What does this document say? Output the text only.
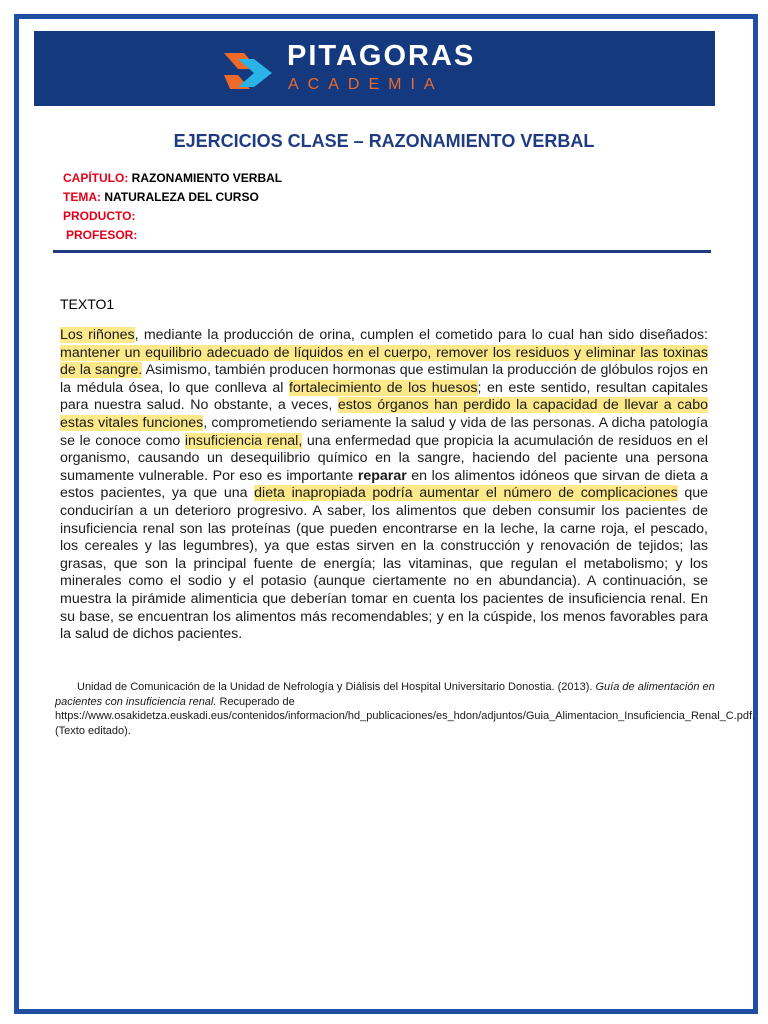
PITAGORAS
ACADEMIA
EJERCICIOS CLASE – RAZONAMIENTO VERBAL
CAPÍTULO: RAZONAMIENTO VERBAL
TEMA: NATURALEZA DEL CURSO
PRODUCTO:
PROFESOR:
TEXTO1

Los riñones, mediante la producción de orina, cumplen el cometido para lo cual han sido diseñados: mantener un equilibrio adecuado de líquidos en el cuerpo, remover los residuos y eliminar las toxinas de la sangre. Asimismo, también producen hormonas que estimulan la producción de glóbulos rojos en la médula ósea, lo que conlleva al fortalecimiento de los huesos; en este sentido, resultan capitales para nuestra salud. No obstante, a veces, estos órganos han perdido la capacidad de llevar a cabo estas vitales funciones, comprometiendo seriamente la salud y vida de las personas. A dicha patología se le conoce como insuficiencia renal, una enfermedad que propicia la acumulación de residuos en el organismo, causando un desequilibrio químico en la sangre, haciendo del paciente una persona sumamente vulnerable. Por eso es importante reparar en los alimentos idóneos que sirvan de dieta a estos pacientes, ya que una dieta inapropiada podría aumentar el número de complicaciones que conducirían a un deterioro progresivo. A saber, los alimentos que deben consumir los pacientes de insuficiencia renal son las proteínas (que pueden encontrarse en la leche, la carne roja, el pescado, los cereales y las legumbres), ya que estas sirven en la construcción y renovación de tejidos; las grasas, que son la principal fuente de energía; las vitaminas, que regulan el metabolismo; y los minerales como el sodio y el potasio (aunque ciertamente no en abundancia). A continuación, se muestra la pirámide alimenticia que deberían tomar en cuenta los pacientes de insuficiencia renal. En su base, se encuentran los alimentos más recomendables; y en la cúspide, los menos favorables para la salud de dichos pacientes.

Unidad de Comunicación de la Unidad de Nefrología y Diálisis del Hospital Universitario Donostia. (2013). Guía de alimentación en pacientes con insuficiencia renal. Recuperado de https://www.osakidetza.euskadi.eus/contenidos/informacion/hd_publicaciones/es_hdon/adjuntos/Guia_Alimentacion_Insuficiencia_Renal_C.pdf. (Texto editado).
